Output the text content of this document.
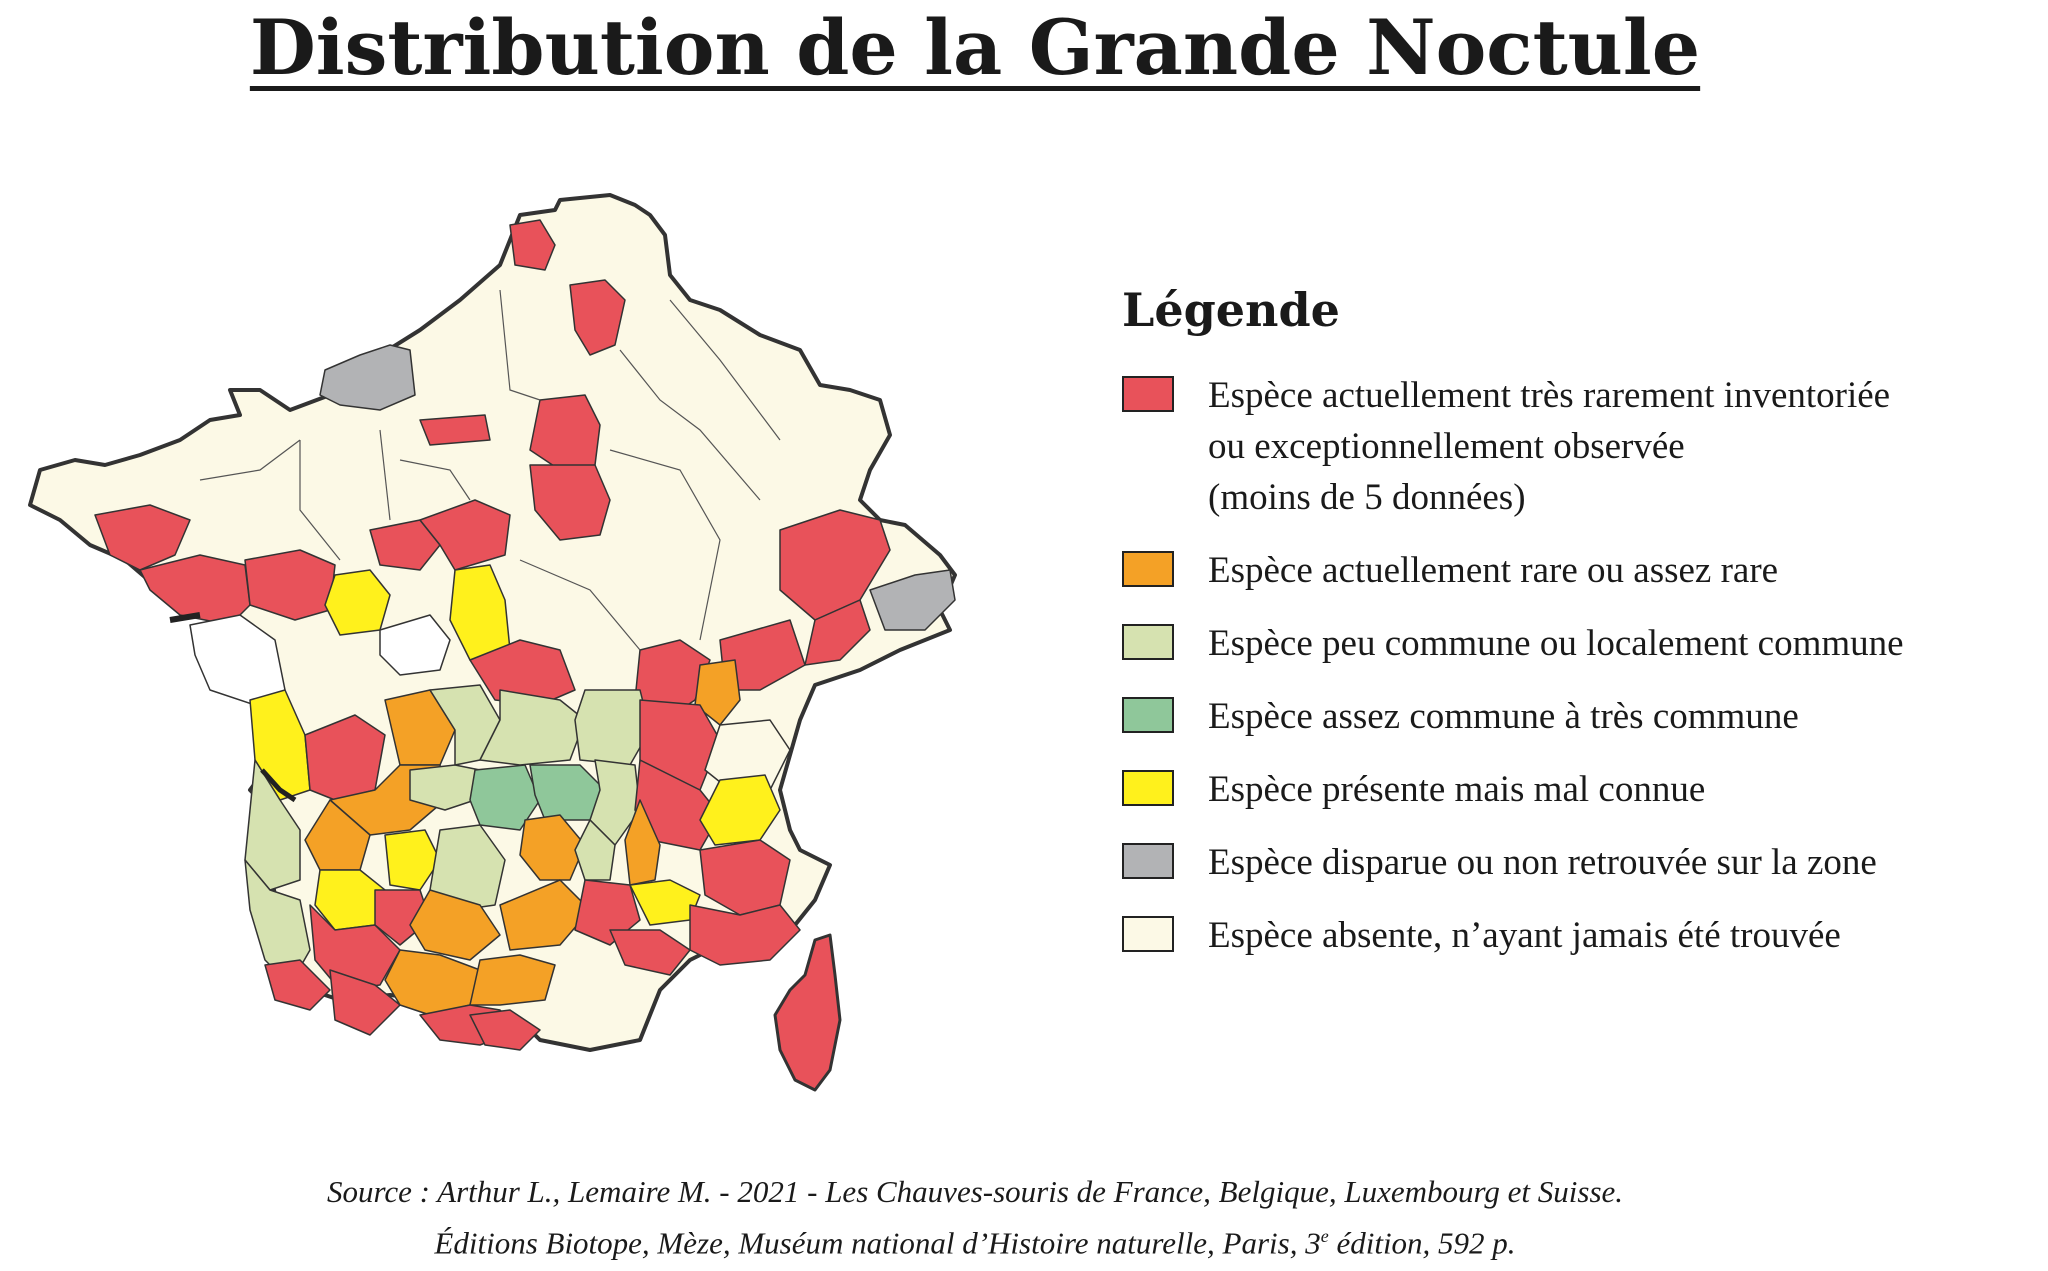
Distribution de la Grande Noctule
Légende
Espèce actuellement très rarement inventoriée
ou exceptionnellement observée
(moins de 5 données)
Espèce actuellement rare ou assez rare
Espèce peu commune ou localement commune
Espèce assez commune à très commune
Espèce présente mais mal connue
Espèce disparue ou non retrouvée sur la zone
Espèce absente, n’ayant jamais été trouvée
Source : Arthur L., Lemaire M. - 2021 - Les Chauves-souris de France, Belgique, Luxembourg et Suisse.
Éditions Biotope, Mèze, Muséum national d’Histoire naturelle, Paris, 3e édition, 592 p.
